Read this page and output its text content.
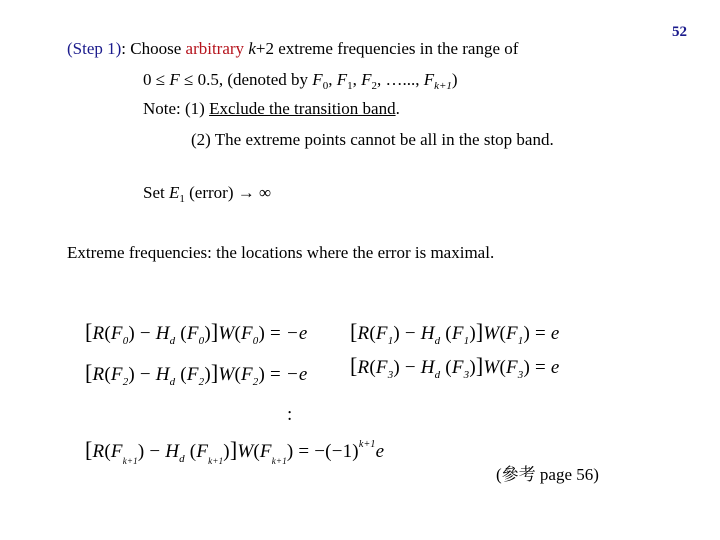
52
(Step 1): Choose arbitrary k+2 extreme frequencies in the range of
0 ≤ F ≤ 0.5, (denoted by $F_0$, $F_1$, $F_2$, …..., $F_{k+1}$)
Note: (1) Exclude the transition band.
(2) The extreme points cannot be all in the stop band.
Set $E_1$ (error) → ∞
Extreme frequencies: the locations where the error is maximal.
[$R(F_0) - H_d$ $(F_0)]W(F_0) = -e$ [$R(F_1) - H_d$ $(F_1)]W(F_1) = e$
[$R(F_2) - H_d$ $(F_2)]W(F_2) = -e$ [$R(F_3) - H_d$ $(F_3)]W(F_3) = e$
:
[$R(F_{k+1}) - H_d$ $(F_{k+1})]W(F_{k+1}) = -(-1)^{k+1}e$
(參考 page 56)
